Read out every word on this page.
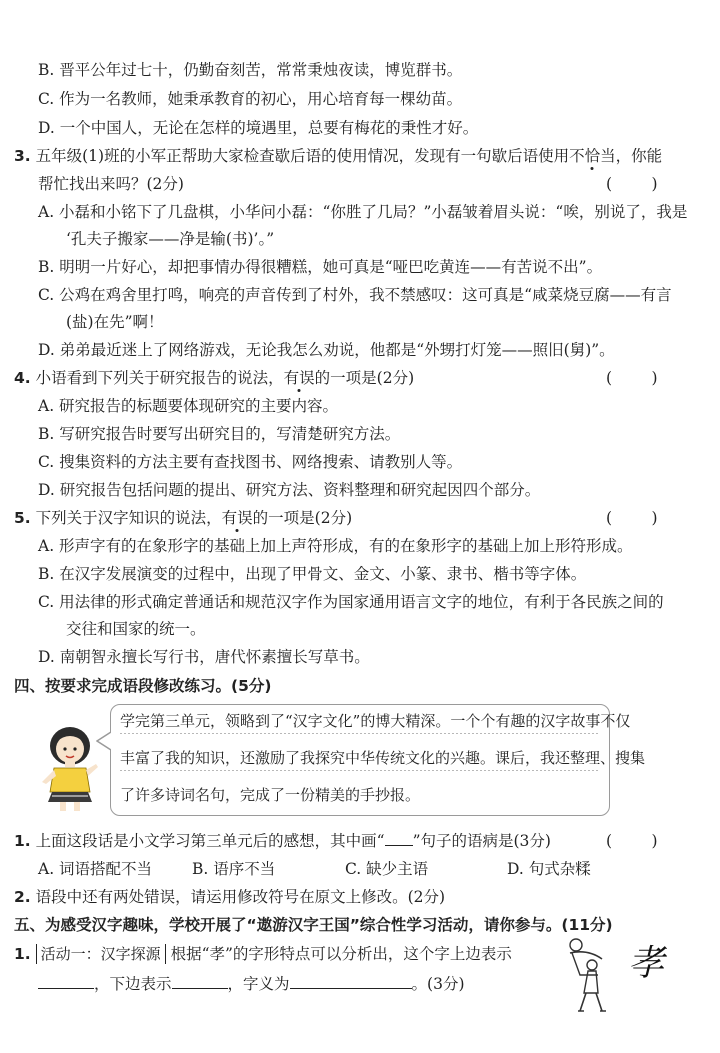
B. 晋平公年过七十，仍勤奋刻苦，常常秉烛夜读，博览群书。
C. 作为一名教师，她秉承教育的初心，用心培育每一棵幼苗。
D. 一个中国人，无论在怎样的境遇里，总要有梅花的秉性才好。
3. 五年级(1)班的小军正帮助大家检查歇后语的使用情况，发现有一句歇后语使用不恰当，你能
帮忙找出来吗？(2分)	(        )
A. 小磊和小铭下了几盘棋，小华问小磊：“你胜了几局？”小磊皱着眉头说：“唉，别说了，我是
‘孔夫子搬家——净是输(书)’。”
B. 明明一片好心，却把事情办得很糟糕，她可真是“哑巴吃黄连——有苦说不出”。
C. 公鸡在鸡舍里打鸣，响亮的声音传到了村外，我不禁感叹：这可真是“咸菜烧豆腐——有言
(盐)在先”啊！
D. 弟弟最近迷上了网络游戏，无论我怎么劝说，他都是“外甥打灯笼——照旧(舅)”。
4. 小语看到下列关于研究报告的说法，有误的一项是(2分)	(        )
A. 研究报告的标题要体现研究的主要内容。
B. 写研究报告时要写出研究目的，写清楚研究方法。
C. 搜集资料的方法主要有查找图书、网络搜索、请教别人等。
D. 研究报告包括问题的提出、研究方法、资料整理和研究起因四个部分。
5. 下列关于汉字知识的说法，有误的一项是(2分)	(        )
A. 形声字有的在象形字的基础上加上声符形成，有的在象形字的基础上加上形符形成。
B. 在汉字发展演变的过程中，出现了甲骨文、金文、小篆、隶书、楷书等字体。
C. 用法律的形式确定普通话和规范汉字作为国家通用语言文字的地位，有利于各民族之间的
交往和国家的统一。
D. 南朝智永擅长写行书，唐代怀素擅长写草书。
四、按要求完成语段修改练习。(5分)
学完第三单元，领略到了“汉字文化”的博大精深。一个个有趣的汉字故事不仅
丰富了我的知识，还激励了我探究中华传统文化的兴趣。课后，我还整理、搜集
了许多诗词名句，完成了一份精美的手抄报。
1. 上面这段话是小文学习第三单元后的感想，其中画“ ”句子的语病是(3分)	(        )
A. 词语搭配不当	B. 语序不当	C. 缺少主语	D. 句式杂糅
2. 语段中还有两处错误，请运用修改符号在原文上修改。(2分)
五、为感受汉字趣味，学校开展了“遨游汉字王国”综合性学习活动，请你参与。(11分)
1. 活动一：汉字探源 根据“孝”的字形特点可以分析出，这个字上边表示
，下边表示	，字义为	。(3分)	孝
